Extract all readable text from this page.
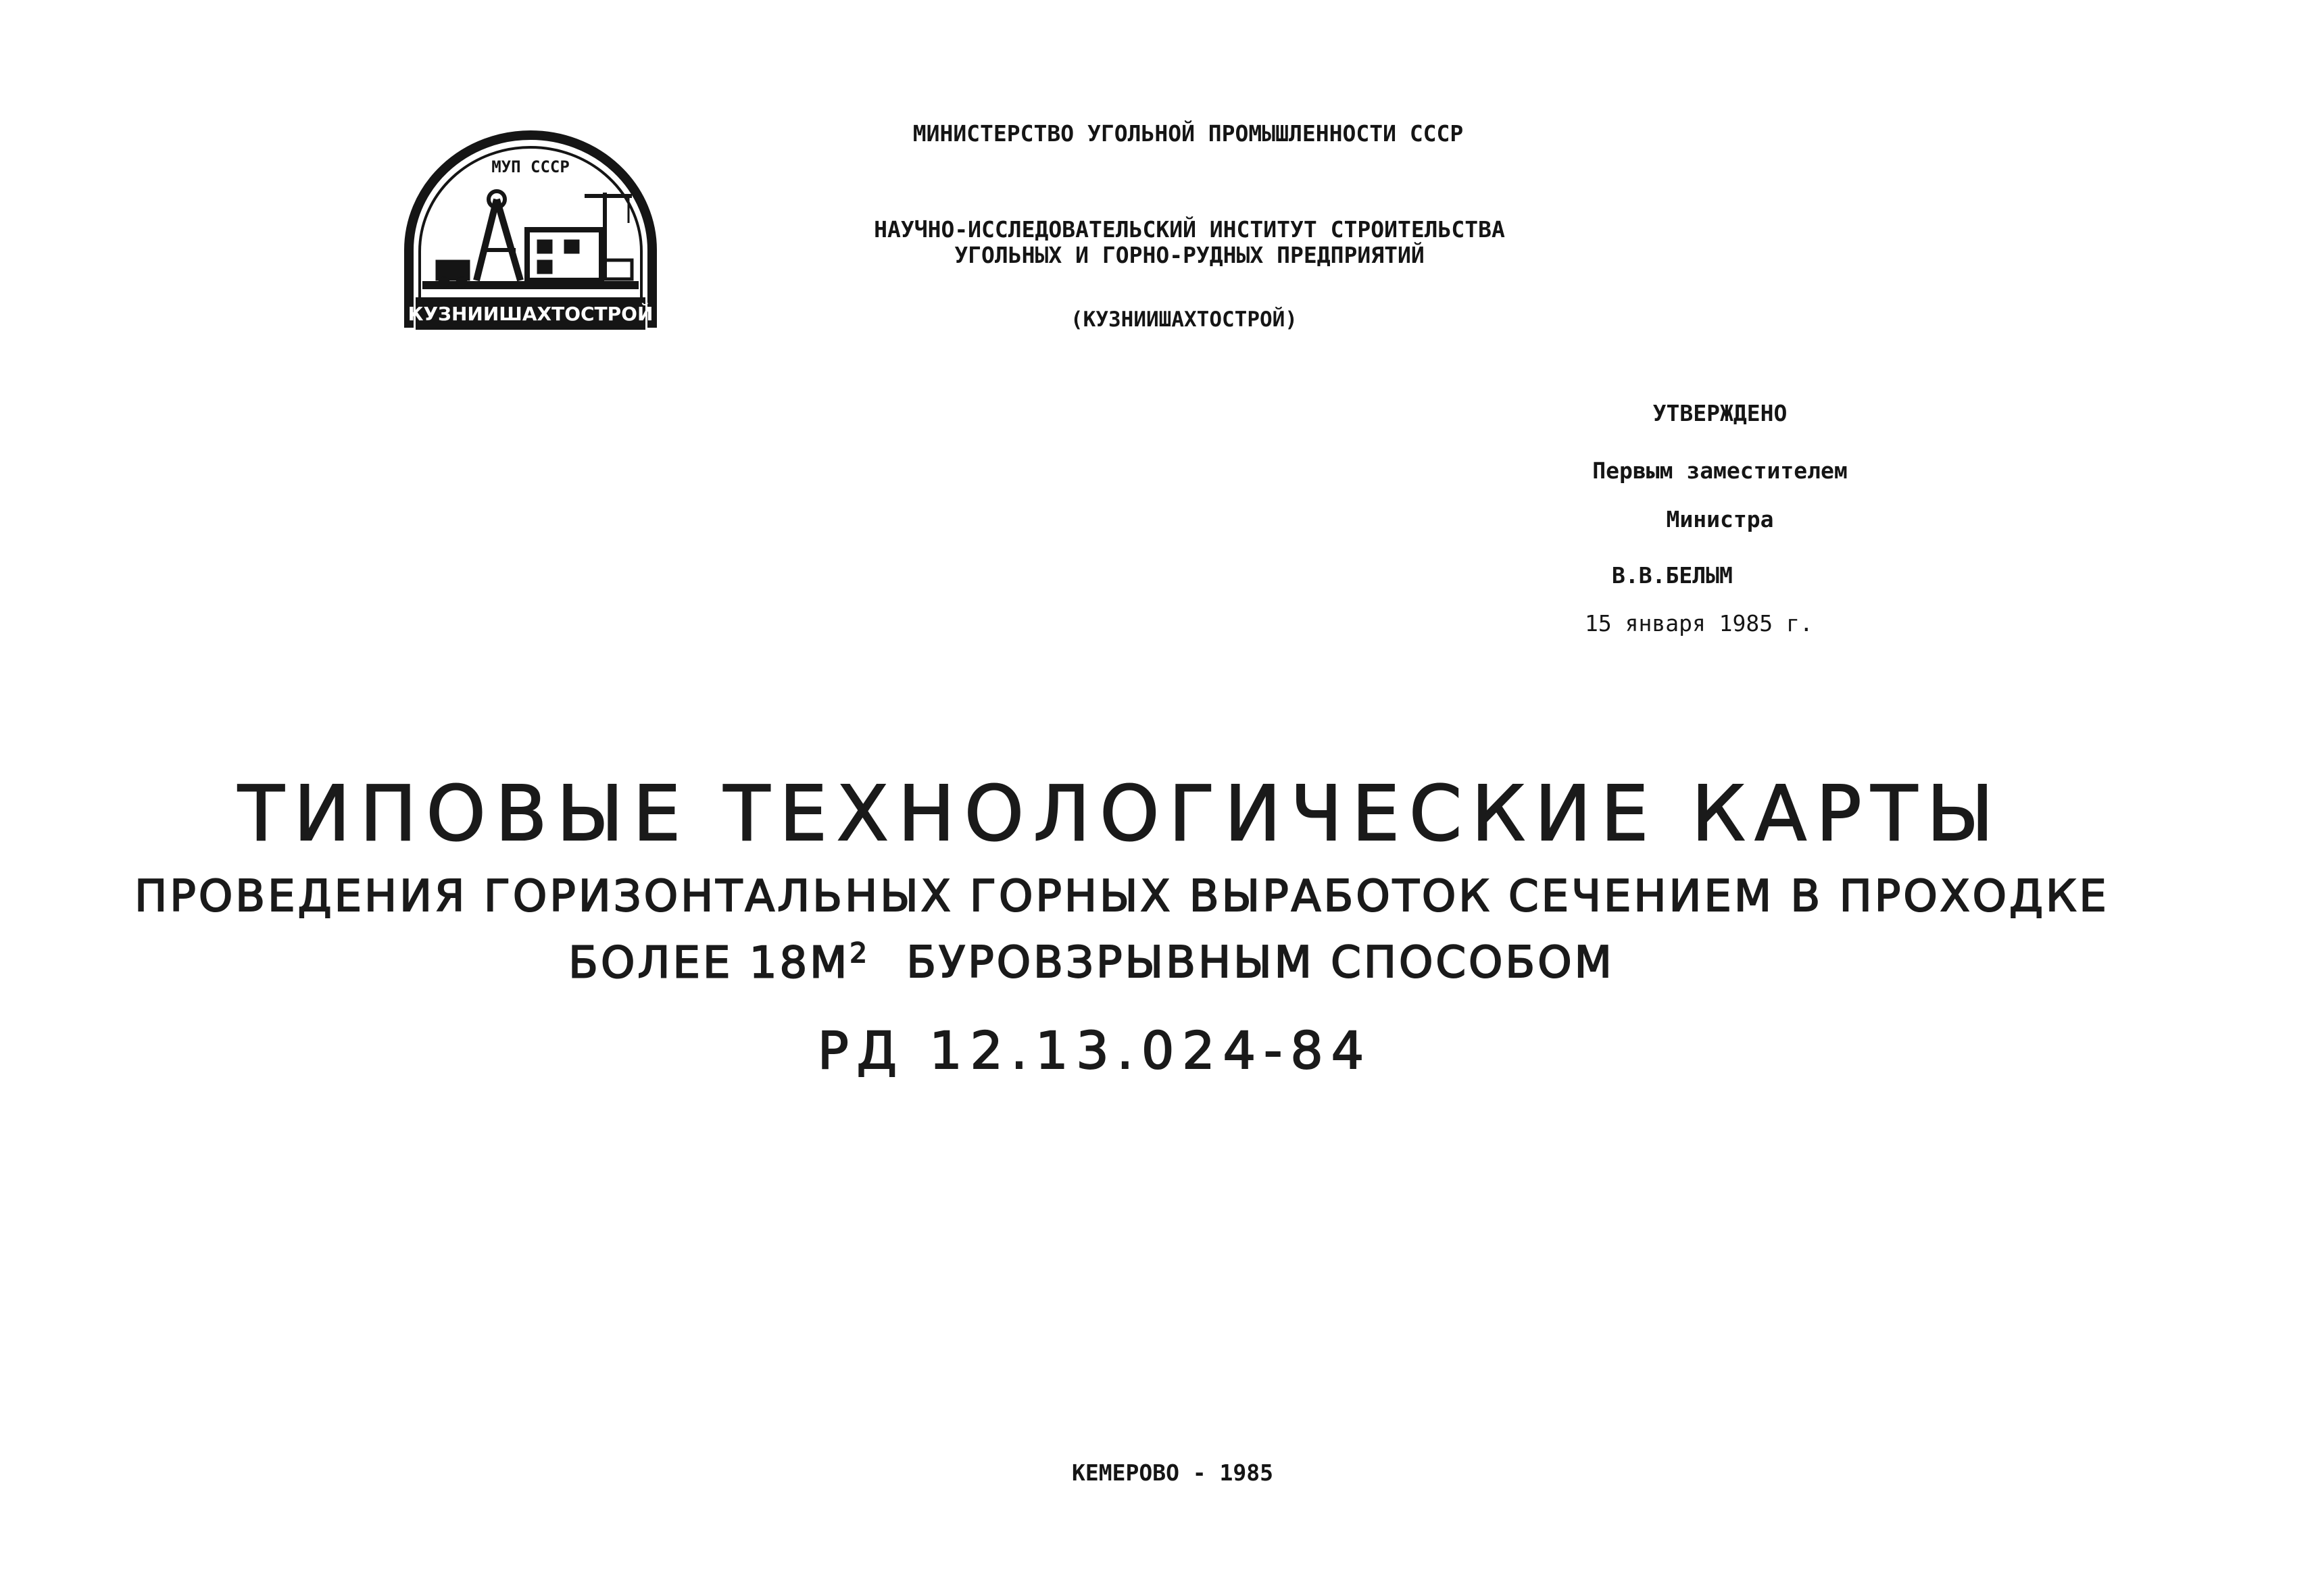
МУП СССР
КУЗНИИШАХТОСТРОЙ
МИНИСТЕРСТВО УГОЛЬНОЙ ПРОМЫШЛЕННОСТИ СССР
НАУЧНО-ИССЛЕДОВАТЕЛЬСКИЙ ИНСТИТУТ СТРОИТЕЛЬСТВА
УГОЛЬНЫХ И ГОРНО-РУДНЫХ ПРЕДПРИЯТИЙ
(КУЗНИИШАХТОСТРОЙ)
УТВЕРЖДЕНО
Первым заместителем
Министра
В.В.БЕЛЫМ
15 января 1985 г.
ТИПОВЫЕ ТЕХНОЛОГИЧЕСКИЕ КАРТЫ
ПРОВЕДЕНИЯ ГОРИЗОНТАЛЬНЫХ ГОРНЫХ ВЫРАБОТОК СЕЧЕНИЕМ В ПРОХОДКЕ
БОЛЕЕ $18М^2$ БУРОВЗРЫВНЫМ СПОСОБОМ
РД 12.13.024-84
КЕМЕРОВО - 1985
